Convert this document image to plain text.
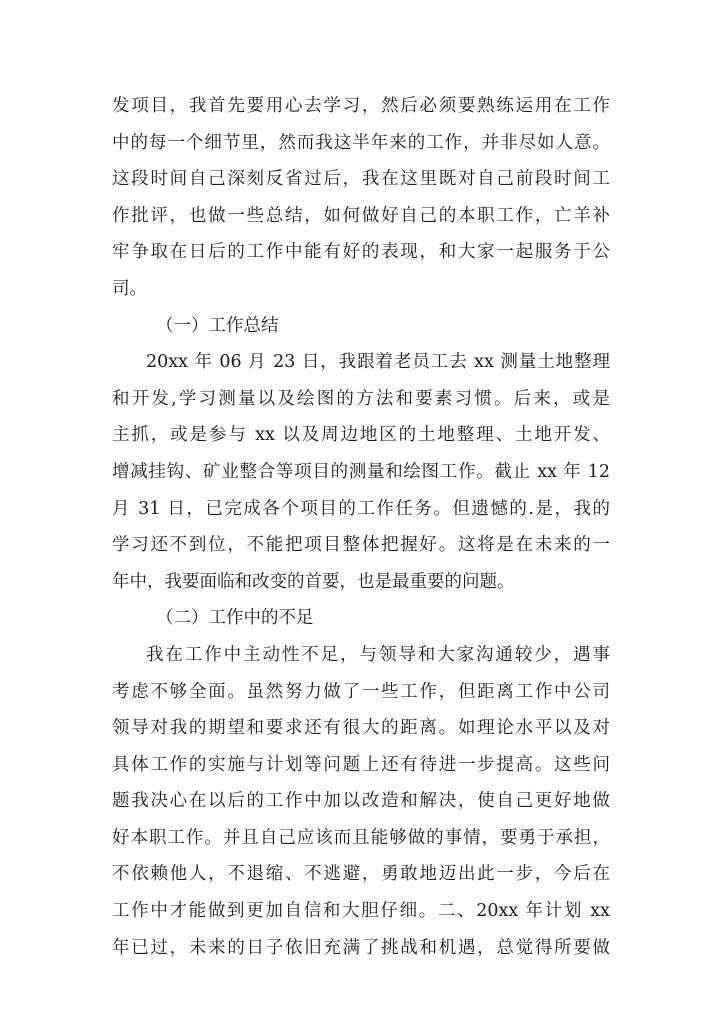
发项目，我首先要用心去学习，然后必须要熟练运用在工作
中的每一个细节里，然而我这半年来的工作，并非尽如人意。
这段时间自己深刻反省过后，我在这里既对自己前段时间工
作批评，也做一些总结，如何做好自己的本职工作，亡羊补
牢争取在日后的工作中能有好的表现，和大家一起服务于公
司。
（一）工作总结
20xx 年 06 月 23 日，我跟着老员工去 xx 测量土地整理
和开发,学习测量以及绘图的方法和要素习惯。后来，或是
主抓，或是参与 xx 以及周边地区的土地整理、土地开发、
增减挂钩、矿业整合等项目的测量和绘图工作。截止 xx 年 12
月 31 日，已完成各个项目的工作任务。但遗憾的.是，我的
学习还不到位，不能把项目整体把握好。这将是在未来的一
年中，我要面临和改变的首要，也是最重要的问题。
（二）工作中的不足
我在工作中主动性不足，与领导和大家沟通较少，遇事
考虑不够全面。虽然努力做了一些工作，但距离工作中公司
领导对我的期望和要求还有很大的距离。如理论水平以及对
具体工作的实施与计划等问题上还有待进一步提高。这些问
题我决心在以后的工作中加以改造和解决，使自己更好地做
好本职工作。并且自己应该而且能够做的事情，要勇于承担，
不依赖他人，不退缩、不逃避，勇敢地迈出此一步，今后在
工作中才能做到更加自信和大胆仔细。二、20xx 年计划 xx
年已过，未来的日子依旧充满了挑战和机遇，总觉得所要做
